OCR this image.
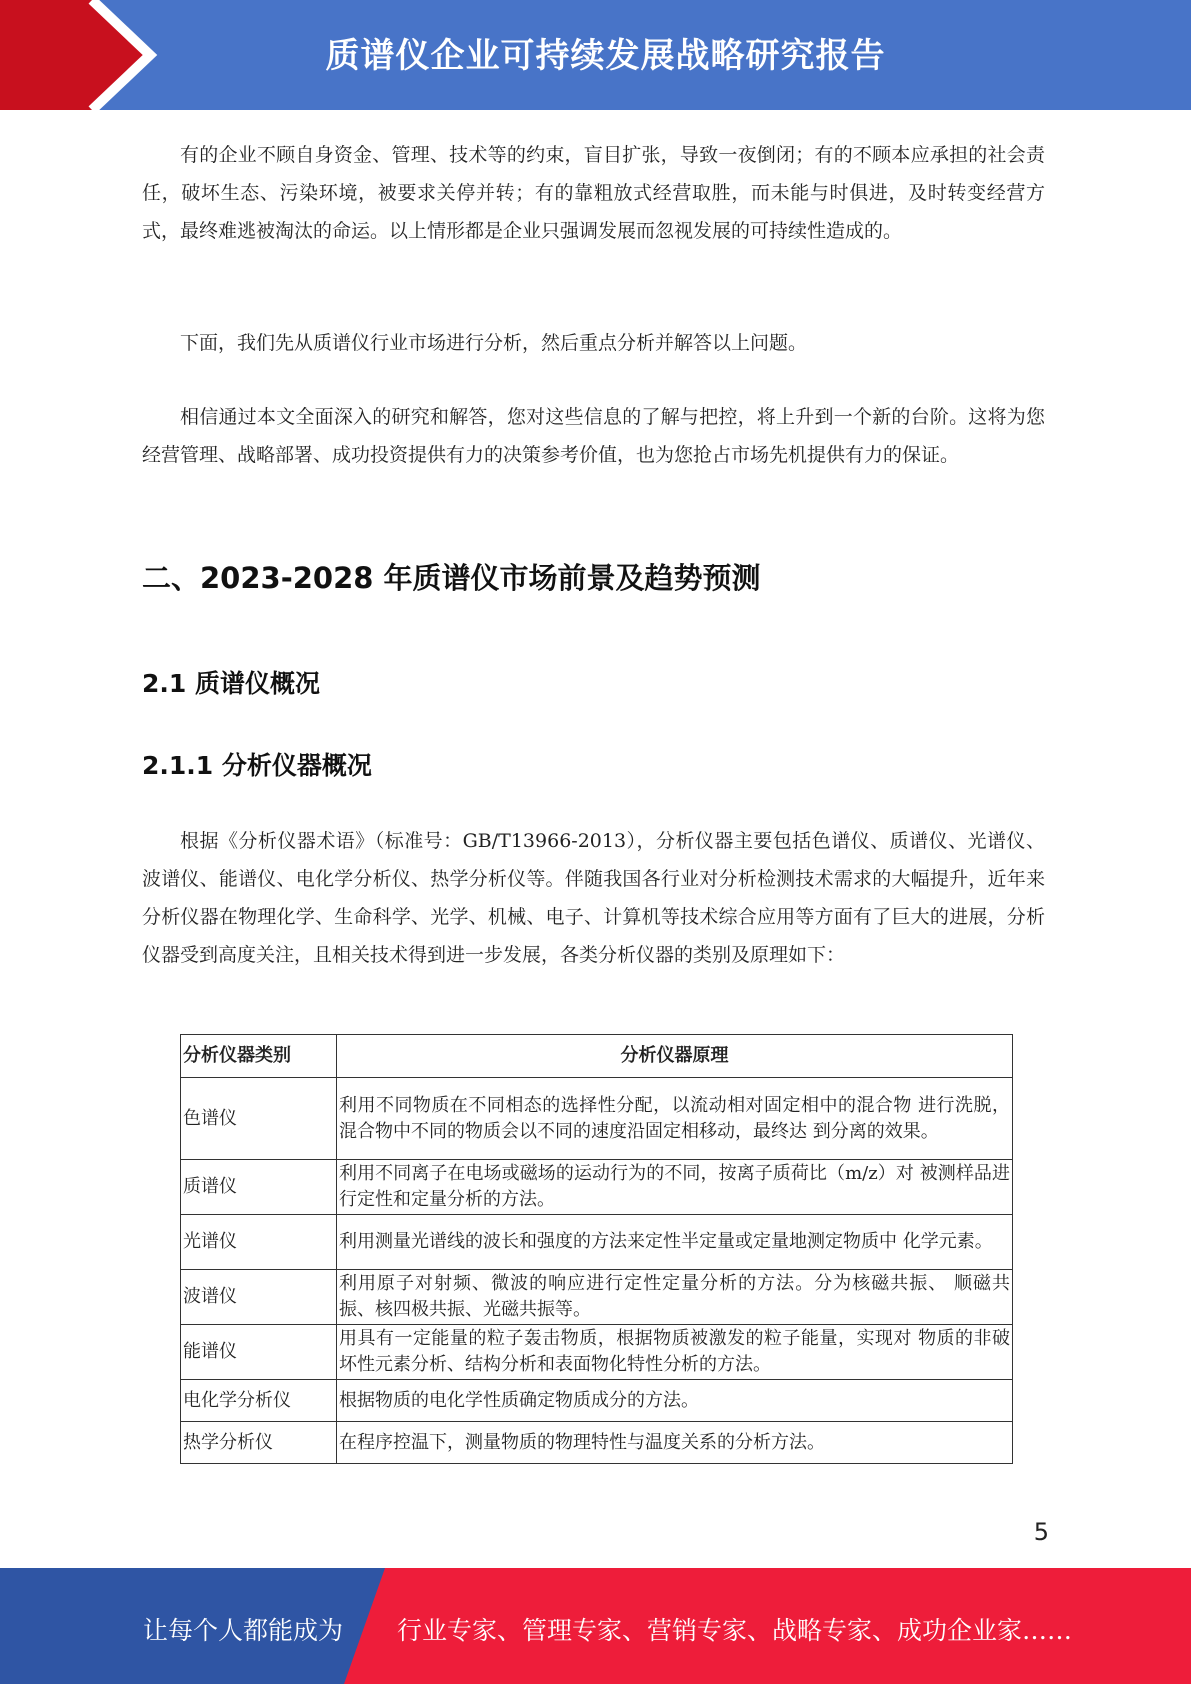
质谱仪企业可持续发展战略研究报告

有的企业不顾自身资金、管理、技术等的约束，盲目扩张，导致一夜倒闭；有的不顾本应承担的社会责任，破坏生态、污染环境，被要求关停并转；有的靠粗放式经营取胜，而未能与时俱进，及时转变经营方式，最终难逃被淘汰的命运。以上情形都是企业只强调发展而忽视发展的可持续性造成的。

下面，我们先从质谱仪行业市场进行分析，然后重点分析并解答以上问题。

相信通过本文全面深入的研究和解答，您对这些信息的了解与把控，将上升到一个新的台阶。这将为您经营管理、战略部署、成功投资提供有力的决策参考价值，也为您抢占市场先机提供有力的保证。

二、2023-2028 年质谱仪市场前景及趋势预测
2.1 质谱仪概况
2.1.1 分析仪器概况

根据《分析仪器术语》（标准号：GB/T13966-2013），分析仪器主要包括色谱仪、质谱仪、光谱仪、波谱仪、能谱仪、电化学分析仪、热学分析仪等。伴随我国各行业对分析检测技术需求的大幅提升，近年来分析仪器在物理化学、生命科学、光学、机械、电子、计算机等技术综合应用等方面有了巨大的进展，分析仪器受到高度关注，且相关技术得到进一步发展，各类分析仪器的类别及原理如下：

分析仪器类别	分析仪器原理
色谱仪	利用不同物质在不同相态的选择性分配，以流动相对固定相中的混合物 进行洗脱，混合物中不同的物质会以不同的速度沿固定相移动，最终达 到分离的效果。
质谱仪	利用不同离子在电场或磁场的运动行为的不同，按离子质荷比（m/z）对 被测样品进行定性和定量分析的方法。
光谱仪	利用测量光谱线的波长和强度的方法来定性半定量或定量地测定物质中 化学元素。
波谱仪	利用原子对射频、微波的响应进行定性定量分析的方法。分为核磁共振、 顺磁共振、核四极共振、光磁共振等。
能谱仪	用具有一定能量的粒子轰击物质，根据物质被激发的粒子能量，实现对 物质的非破坏性元素分析、结构分析和表面物化特性分析的方法。
电化学分析仪	根据物质的电化学性质确定物质成分的方法。
热学分析仪	在程序控温下，测量物质的物理特性与温度关系的分析方法。
5
让每个人都能成为 行业专家、管理专家、营销专家、战略专家、成功企业家……
